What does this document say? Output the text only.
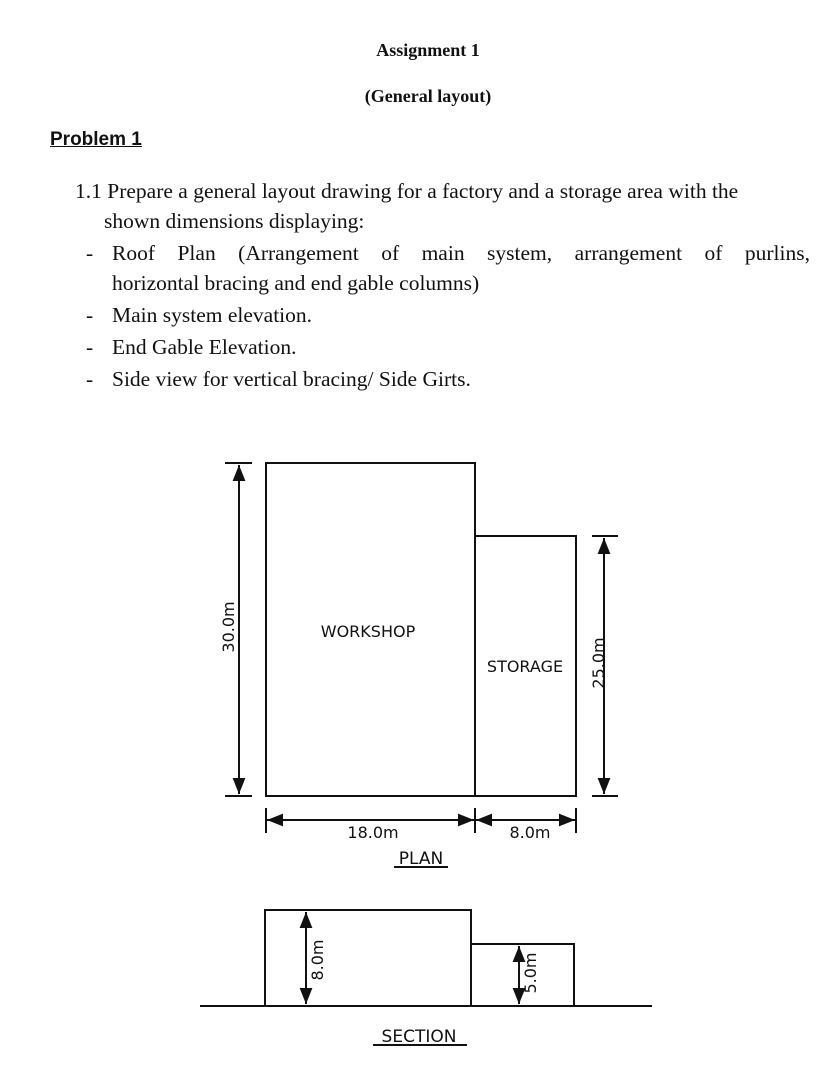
Assignment 1
(General layout)
Problem 1
1.1 Prepare a general layout drawing for a factory and a storage area with the
shown dimensions displaying:
- Roof Plan (Arrangement of main system, arrangement of purlins,
horizontal bracing and end gable columns)
- Main system elevation.
- End Gable Elevation.
- Side view for vertical bracing/ Side Girts.
WORKSHOP
STORAGE
30.0m
25.0m
18.0m	8.0m
PLAN
8.0m	5.0m
SECTION
